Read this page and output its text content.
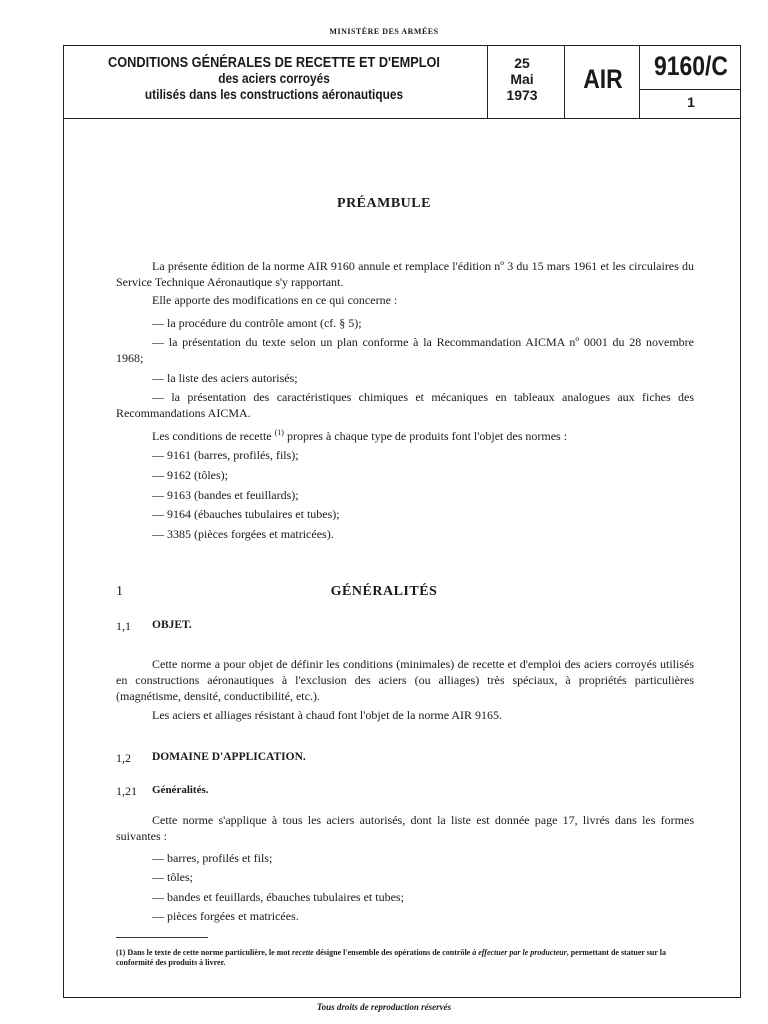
MINISTÈRE DES ARMÉES
CONDITIONS GÉNÉRALES DE RECETTE ET D'EMPLOI
des aciers corroyés
utilisés dans les constructions aéronautiques
25
Mai
1973
AIR	9160/C
1
PRÉAMBULE
La présente édition de la norme AIR 9160 annule et remplace l'édition nº 3 du 15 mars 1961 et les circulaires du Service Technique Aéronautique s'y rapportant.
Elle apporte des modifications en ce qui concerne :
— la procédure du contrôle amont (cf. § 5);
— la présentation du texte selon un plan conforme à la Recommandation AICMA nº 0001 du 28 novembre 1968;
— la liste des aciers autorisés;
— la présentation des caractéristiques chimiques et mécaniques en tableaux analogues aux fiches des Recommandations AICMA.
Les conditions de recette $^{(1)}$ propres à chaque type de produits font l'objet des normes :
— 9161 (barres, profilés, fils);
— 9162 (tôles);
— 9163 (bandes et feuillards);
— 9164 (ébauches tubulaires et tubes);
— 3385 (pièces forgées et matricées).
1	GÉNÉRALITÉS
1,1 OBJET.
Cette norme a pour objet de définir les conditions (minimales) de recette et d'emploi des aciers corroyés utilisés en constructions aéronautiques à l'exclusion des aciers (ou alliages) très spéciaux, à propriétés particulières (magnétisme, densité, conductibilité, etc.).
Les aciers et alliages résistant à chaud font l'objet de la norme AIR 9165.
1,2 DOMAINE D'APPLICATION.
1,21 Généralités.
Cette norme s'applique à tous les aciers autorisés, dont la liste est donnée page 17, livrés dans les formes suivantes :
— barres, profilés et fils;
— tôles;
— bandes et feuillards, ébauches tubulaires et tubes;
— pièces forgées et matricées.
(1) Dans le texte de cette norme particulière, le mot recette désigne l'ensemble des opérations de contrôle à effectuer par le producteur, permettant de statuer sur la conformité des produits à livrer.
Tous droits de reproduction réservés
